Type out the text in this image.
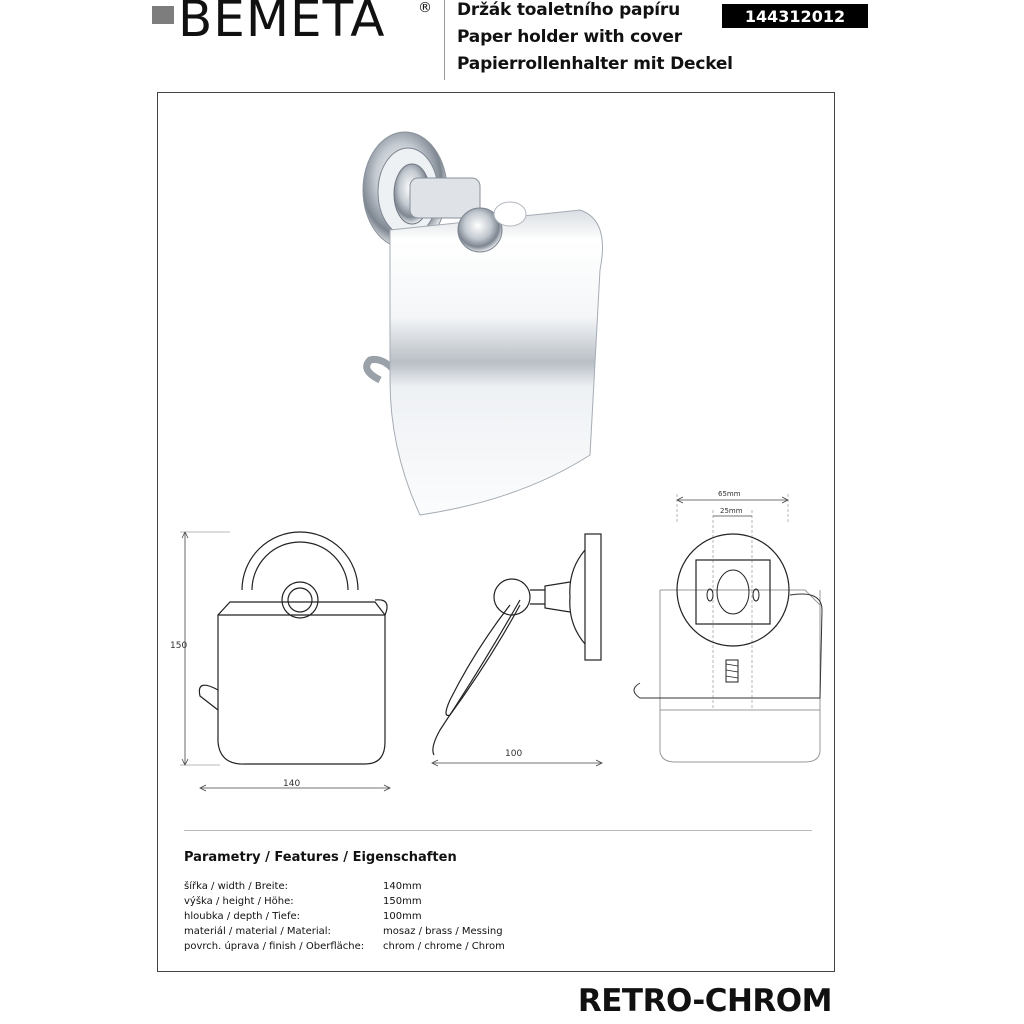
BEMETA ® Držák toaletního papíru
Paper holder with cover
Papierrollenhalter mit Deckel
144312012
150
140
100
65mm
25mm
Parametry / Features / Eigenschaften
šířka / width / Breite:	140mm
výška / height / Höhe:	150mm
hloubka / depth / Tiefe:	100mm
materiál / material / Material:	mosaz / brass / Messing
povrch. úprava / finish / Oberfläche: chrom / chrome / Chrom
RETRO-CHROM
